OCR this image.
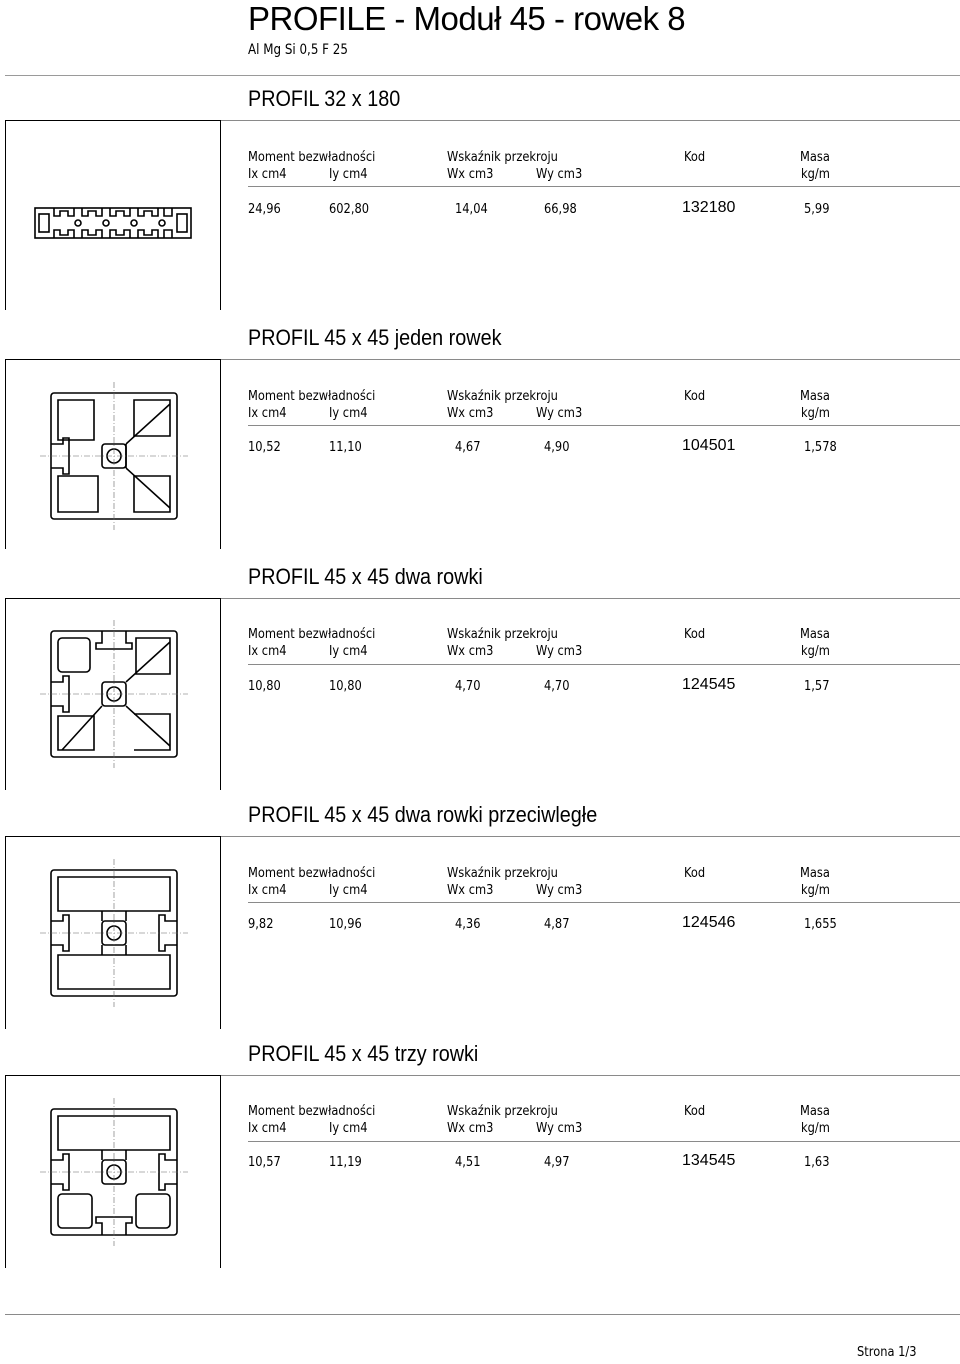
PROFILE - Moduł 45 - rowek 8
Al Mg Si 0,5 F 25
PROFIL 32 x 180
Moment bezwładności	Wskaźnik przekroju	Kod	Masa
Ix cm4	Iy cm4	Wx cm3	Wy cm3	kg/m
24,96	602,80	14,04	66,98	132180	5,99
PROFIL 45 x 45 jeden rowek
Moment bezwładności	Wskaźnik przekroju	Kod	Masa
Ix cm4	Iy cm4	Wx cm3	Wy cm3	kg/m
10,52	11,10	4,67	4,90	104501	1,578
PROFIL 45 x 45 dwa rowki
Moment bezwładności	Wskaźnik przekroju	Kod	Masa
Ix cm4	Iy cm4	Wx cm3	Wy cm3	kg/m
10,80	10,80	4,70	4,70	124545	1,57
PROFIL 45 x 45 dwa rowki przeciwległe
Moment bezwładności	Wskaźnik przekroju	Kod	Masa
Ix cm4	Iy cm4	Wx cm3	Wy cm3	kg/m
9,82	10,96	4,36	4,87	124546	1,655
PROFIL 45 x 45 trzy rowki
Moment bezwładności	Wskaźnik przekroju	Kod	Masa
Ix cm4	Iy cm4	Wx cm3	Wy cm3	kg/m
10,57	11,19	4,51	4,97	134545	1,63
Strona 1/3
